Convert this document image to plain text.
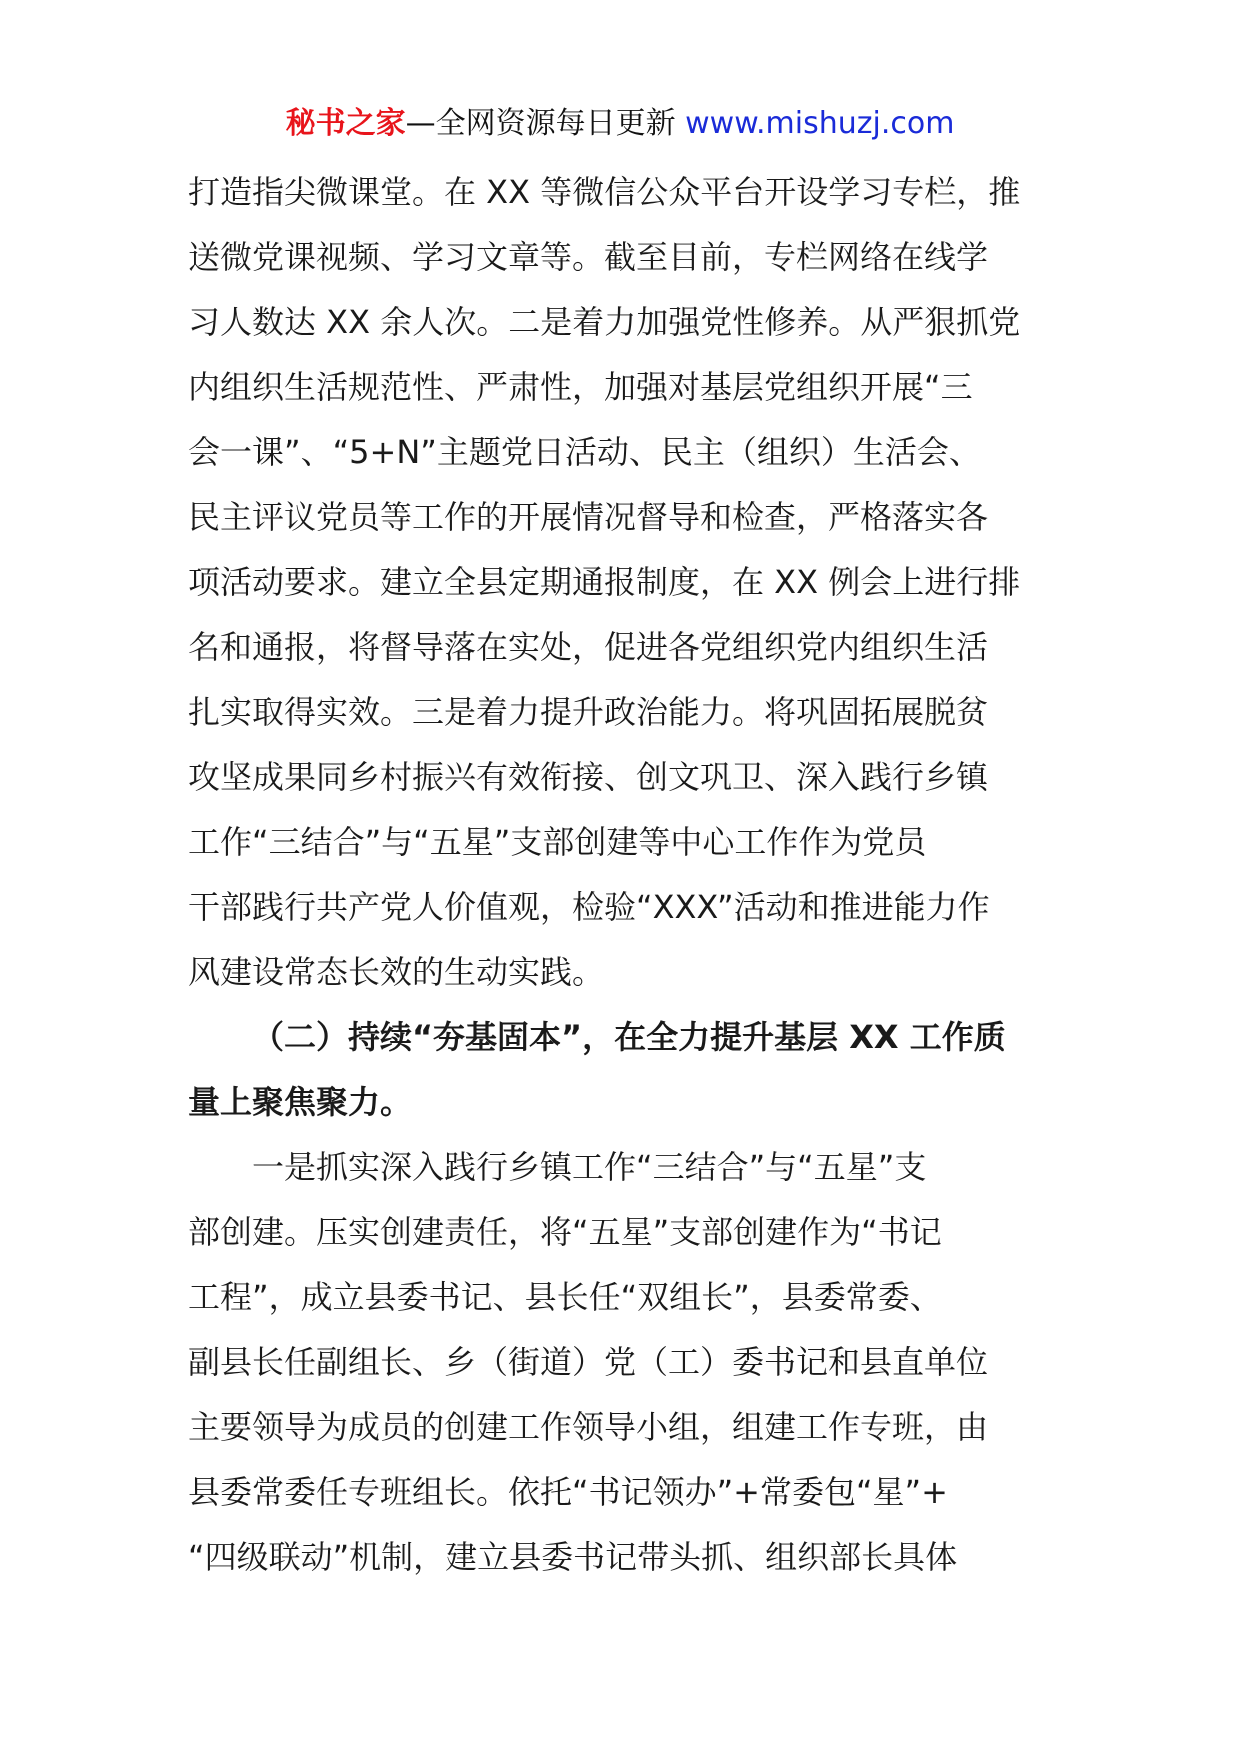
秘书之家—全网资源每日更新 www.mishuzj.com
打造指尖微课堂。在 XX 等微信公众平台开设学习专栏，推
送微党课视频、学习文章等。截至目前，专栏网络在线学
习人数达 XX 余人次。二是着力加强党性修养。从严狠抓党
内组织生活规范性、严肃性，加强对基层党组织开展“三
会一课”、“5+N”主题党日活动、民主（组织）生活会、
民主评议党员等工作的开展情况督导和检查，严格落实各
项活动要求。建立全县定期通报制度，在 XX 例会上进行排
名和通报，将督导落在实处，促进各党组织党内组织生活
扎实取得实效。三是着力提升政治能力。将巩固拓展脱贫
攻坚成果同乡村振兴有效衔接、创文巩卫、深入践行乡镇
工作“三结合”与“五星”支部创建等中心工作作为党员
干部践行共产党人价值观，检验“XXX”活动和推进能力作
风建设常态长效的生动实践。
（二）持续“夯基固本”，在全力提升基层 XX 工作质
量上聚焦聚力。
一是抓实深入践行乡镇工作“三结合”与“五星”支
部创建。压实创建责任，将“五星”支部创建作为“书记
工程”，成立县委书记、县长任“双组长”，县委常委、
副县长任副组长、乡（街道）党（工）委书记和县直单位
主要领导为成员的创建工作领导小组，组建工作专班，由
县委常委任专班组长。依托“书记领办”+常委包“星”+
“四级联动”机制，建立县委书记带头抓、组织部长具体
